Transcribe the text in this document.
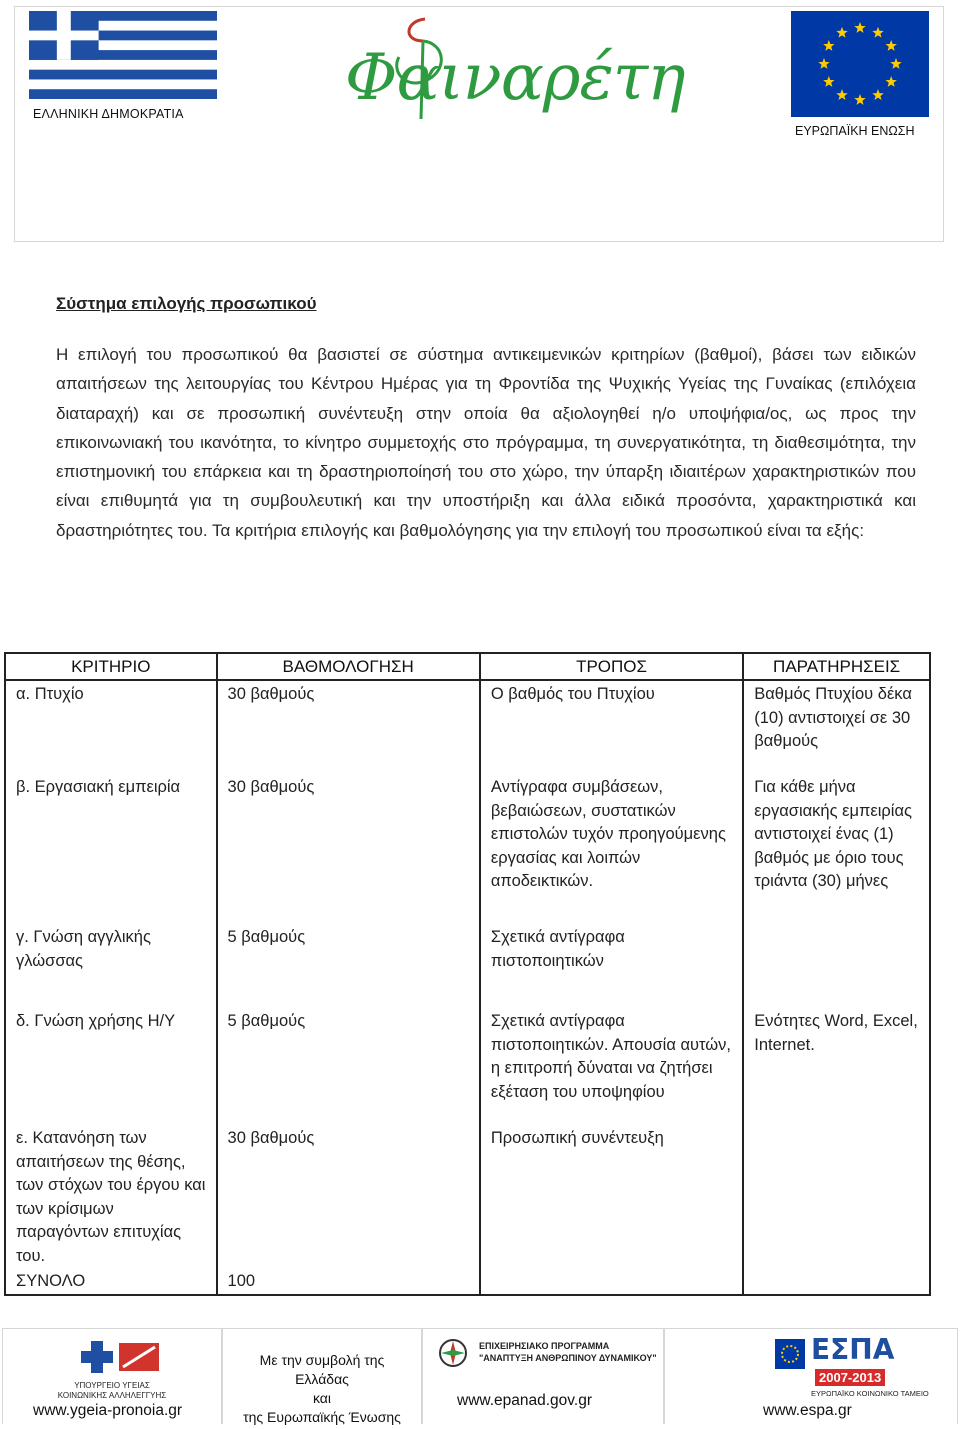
ΕΛΛΗΝΙΚΗ ΔΗΜΟΚΡΑΤΙΑ	Φαιναρέτη
ΕΥΡΩΠΑΪΚΗ ΕΝΩΣΗ
Σύστημα επιλογής προσωπικού

Η επιλογή του προσωπικού θα βασιστεί σε σύστημα αντικειμενικών κριτηρίων (βαθμοί), βάσει των ειδικών απαιτήσεων της λειτουργίας του Κέντρου Ημέρας για τη Φροντίδα της Ψυχικής Υγείας της Γυναίκας (επιλόχεια διαταραχή) και σε προσωπική συνέντευξη στην οποία θα αξιολογηθεί η/ο υποψήφια/ος, ως προς την επικοινωνιακή του ικανότητα, το κίνητρο συμμετοχής στο πρόγραμμα, τη συνεργατικότητα, τη διαθεσιμότητα, την επιστημονική του επάρκεια και τη δραστηριοποίησή του στο χώρο, την ύπαρξη ιδιαιτέρων χαρακτηριστικών που είναι επιθυμητά για τη συμβουλευτική και την υποστήριξη και άλλα ειδικά προσόντα, χαρακτηριστικά και δραστηριότητες του. Τα κριτήρια επιλογής και βαθμολόγησης για την επιλογή του προσωπικού είναι τα εξής:

ΚΡΙΤΗΡΙΟ	ΒΑΘΜΟΛΟΓΗΣΗ	ΤΡΟΠΟΣ	ΠΑΡΑΤΗΡΗΣΕΙΣ
α. Πτυχίο	30 βαθμούς	Ο βαθμός του Πτυχίου	Βαθμός Πτυχίου δέκα (10) αντιστοιχεί σε 30 βαθμούς
β. Εργασιακή εμπειρία	30 βαθμούς	Αντίγραφα συμβάσεων, βεβαιώσεων, συστατικών επιστολών τυχόν προηγούμενης εργασίας και λοιπών αποδεικτικών.	Για κάθε μήνα εργασιακής εμπειρίας αντιστοιχεί ένας (1) βαθμός με όριο τους τριάντα (30) μήνες
γ. Γνώση αγγλικής γλώσσας	5 βαθμούς	Σχετικά αντίγραφα πιστοποιητικών	
δ. Γνώση χρήσης Η/Υ	5 βαθμούς	Σχετικά αντίγραφα πιστοποιητικών. Απουσία αυτών, η επιτροπή δύναται να ζητήσει εξέταση του υποψηφίου	Ενότητες Word, Excel, Internet.
ε. Κατανόηση των απαιτήσεων της θέσης, των στόχων του έργου και των κρίσιμων παραγόντων επιτυχίας του.	30 βαθμούς	Προσωπική συνέντευξη	
ΣΥΝΟΛΟ	100		
ΥΠΟΥΡΓΕΙΟ ΥΓΕΙΑΣ
ΚΟΙΝΩΝΙΚΗΣ ΑΛΛΗΛΕΓΓΥΗΣ
www.ygeia-pronoia.gr
Με την συμβολή της
Ελλάδας
και
της Ευρωπαϊκής Ένωσης
ΕΠΙΧΕΙΡΗΣΙΑΚΟ ΠΡΟΓΡΑΜΜΑ
"ΑΝΑΠΤΥΞΗ ΑΝΘΡΩΠΙΝΟΥ ΔΥΝΑΜΙΚΟΥ"
www.epanad.gov.gr
ΕΣΠΑ
2007-2013
ΕΥΡΩΠΑΪΚΟ ΚΟΙΝΩΝΙΚΟ ΤΑΜΕΙΟ
www.espa.gr
